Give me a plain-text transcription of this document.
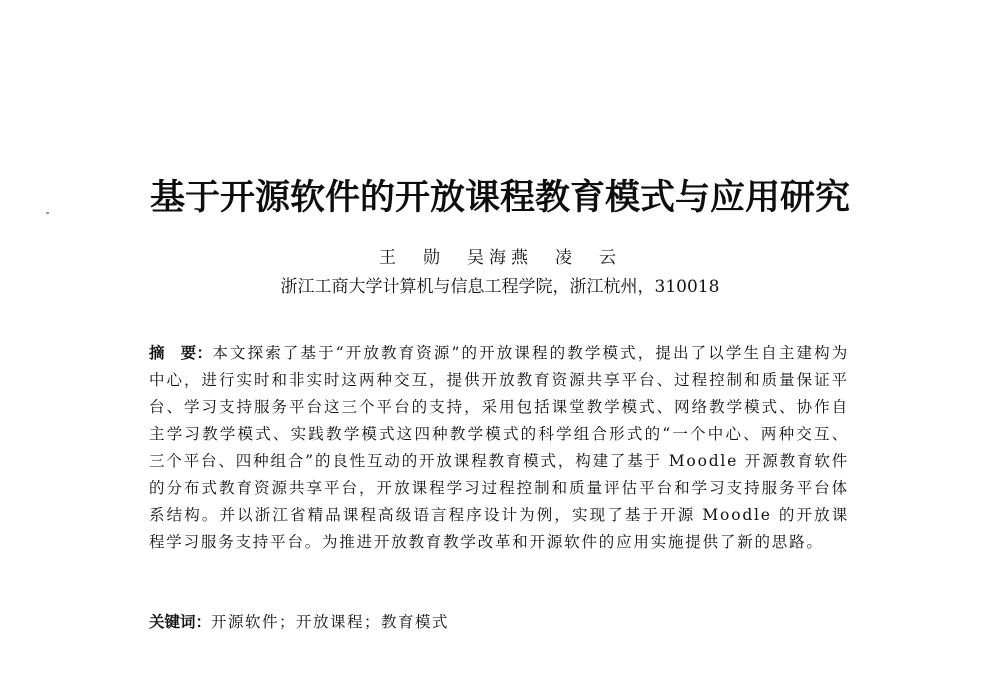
基于开源软件的开放课程教育模式与应用研究
王　勋　吴海燕　凌　云
浙江工商大学计算机与信息工程学院，浙江杭州，310018
摘　要：本文探索了基于“开放教育资源”的开放课程的教学模式，提出了以学生自主建构为中心，进行实时和非实时这两种交互，提供开放教育资源共享平台、过程控制和质量保证平台、学习支持服务平台这三个平台的支持，采用包括课堂教学模式、网络教学模式、协作自主学习教学模式、实践教学模式这四种教学模式的科学组合形式的“一个中心、两种交互、三个平台、四种组合”的良性互动的开放课程教育模式，构建了基于 Moodle 开源教育软件的分布式教育资源共享平台，开放课程学习过程控制和质量评估平台和学习支持服务平台体系结构。并以浙江省精品课程高级语言程序设计为例，实现了基于开源 Moodle 的开放课程学习服务支持平台。为推进开放教育教学改革和开源软件的应用实施提供了新的思路。
关键词：开源软件；开放课程；教育模式
